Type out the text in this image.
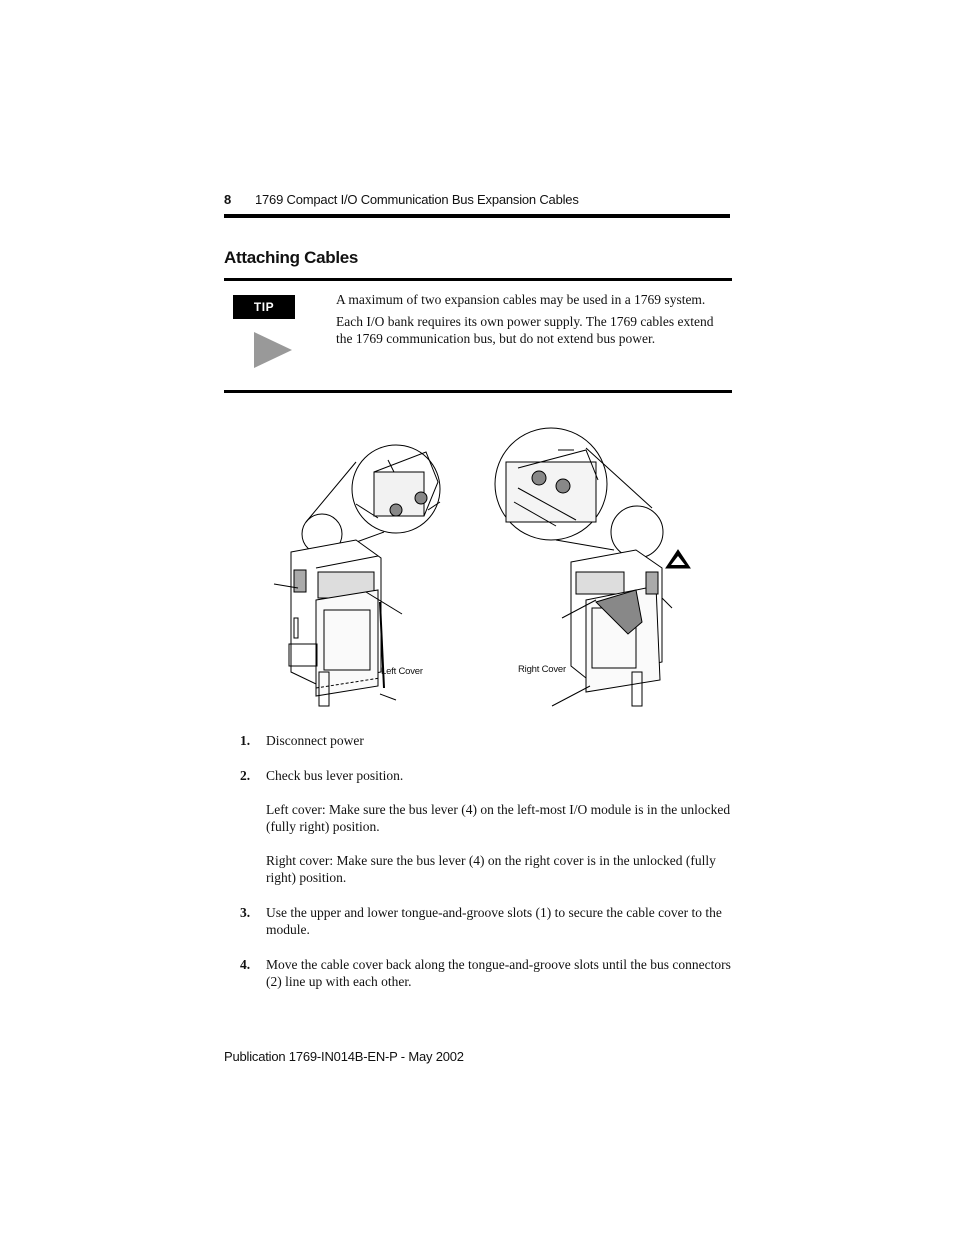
8 1769 Compact I/O Communication Bus Expansion Cables
Attaching Cables
TIP	A maximum of two expansion cables may be used in a 1769 system.

Each I/O bank requires its own power supply. The 1769 cables extend the 1769 communication bus, but do not extend bus power.

Left Cover	Right Cover
1. Disconnect power

2. Check bus lever position.

Left cover: Make sure the bus lever (4) on the left-most I/O module is in the unlocked (fully right) position.

Right cover: Make sure the bus lever (4) on the right cover is in the unlocked (fully right) position.

3. Use the upper and lower tongue-and-groove slots (1) to secure the cable cover to the module.

4. Move the cable cover back along the tongue-and-groove slots until the bus connectors (2) line up with each other.

Publication 1769-IN014B-EN-P - May 2002
